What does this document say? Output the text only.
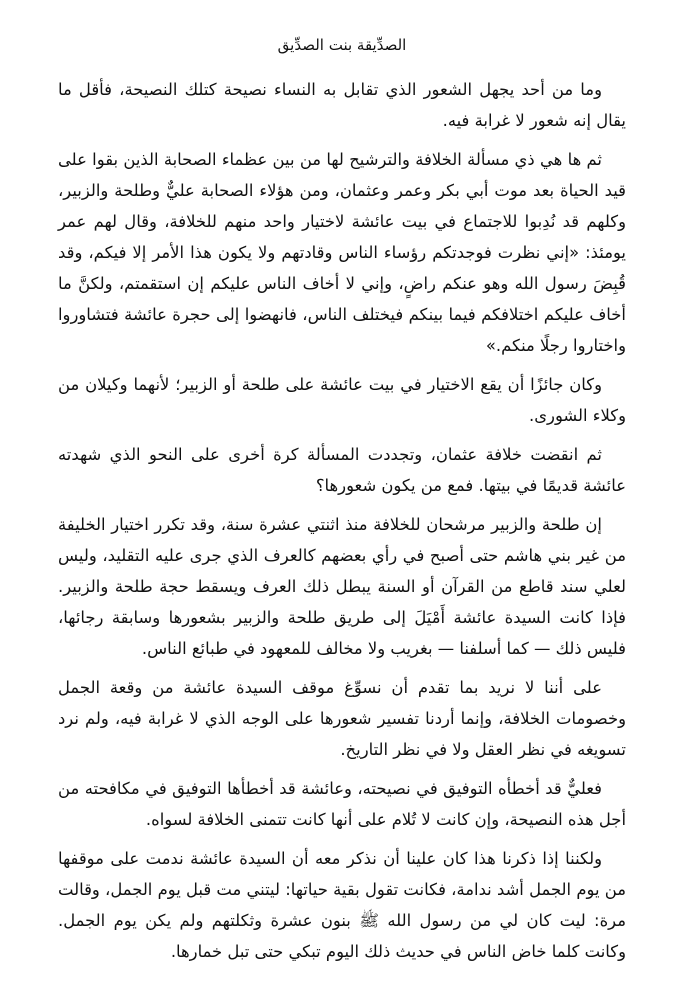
الصدِّيقة بنت الصدِّيق

وما من أحد يجهل الشعور الذي تقابل به النساء نصيحة كتلك النصيحة، فأقل ما يقال إنه شعور لا غرابة فيه.

ثم ها هي ذي مسألة الخلافة والترشيح لها من بين عظماء الصحابة الذين بقوا على قيد الحياة بعد موت أبي بكر وعمر وعثمان، ومن هؤلاء الصحابة عليٌّ وطلحة والزبير، وكلهم قد نُدِبوا للاجتماع في بيت عائشة لاختيار واحد منهم للخلافة، وقال لهم عمر يومئذ: «إني نظرت فوجدتكم رؤساء الناس وقادتهم ولا يكون هذا الأمر إلا فيكم، وقد قُبِضَ رسول الله وهو عنكم راضٍ، وإني لا أخاف الناس عليكم إن استقمتم، ولكنَّ ما أخاف عليكم اختلافكم فيما بينكم فيختلف الناس، فانهضوا إلى حجرة عائشة فتشاوروا واختاروا رجلًا منكم.»

وكان جائزًا أن يقع الاختيار في بيت عائشة على طلحة أو الزبير؛ لأنهما وكيلان من وكلاء الشورى.

ثم انقضت خلافة عثمان، وتجددت المسألة كرة أخرى على النحو الذي شهدته عائشة قديمًا في بيتها. فمع من يكون شعورها؟

إن طلحة والزبير مرشحان للخلافة منذ اثنتي عشرة سنة، وقد تكرر اختيار الخليفة من غير بني هاشم حتى أصبح في رأي بعضهم كالعرف الذي جرى عليه التقليد، وليس لعلي سند قاطع من القرآن أو السنة يبطل ذلك العرف ويسقط حجة طلحة والزبير. فإذا كانت السيدة عائشة أَمْيَلَ إلى طريق طلحة والزبير بشعورها وسابقة رجائها، فليس ذلك — كما أسلفنا — بغريب ولا مخالف للمعهود في طبائع الناس.

على أننا لا نريد بما تقدم أن نسوِّغ موقف السيدة عائشة من وقعة الجمل وخصومات الخلافة، وإنما أردنا تفسير شعورها على الوجه الذي لا غرابة فيه، ولم نرد تسويغه في نظر العقل ولا في نظر التاريخ.

فعليٌّ قد أخطأه التوفيق في نصيحته، وعائشة قد أخطأها التوفيق في مكافحته من أجل هذه النصيحة، وإن كانت لا تُلام على أنها كانت تتمنى الخلافة لسواه.

ولكننا إذا ذكرنا هذا كان علينا أن نذكر معه أن السيدة عائشة ندمت على موقفها من يوم الجمل أشد ندامة، فكانت تقول بقية حياتها: ليتني مت قبل يوم الجمل، وقالت مرة: ليت كان لي من رسول الله ﷺ بنون عشرة وثكلتهم ولم يكن يوم الجمل. وكانت كلما خاض الناس في حديث ذلك اليوم تبكي حتى تبل خمارها.
